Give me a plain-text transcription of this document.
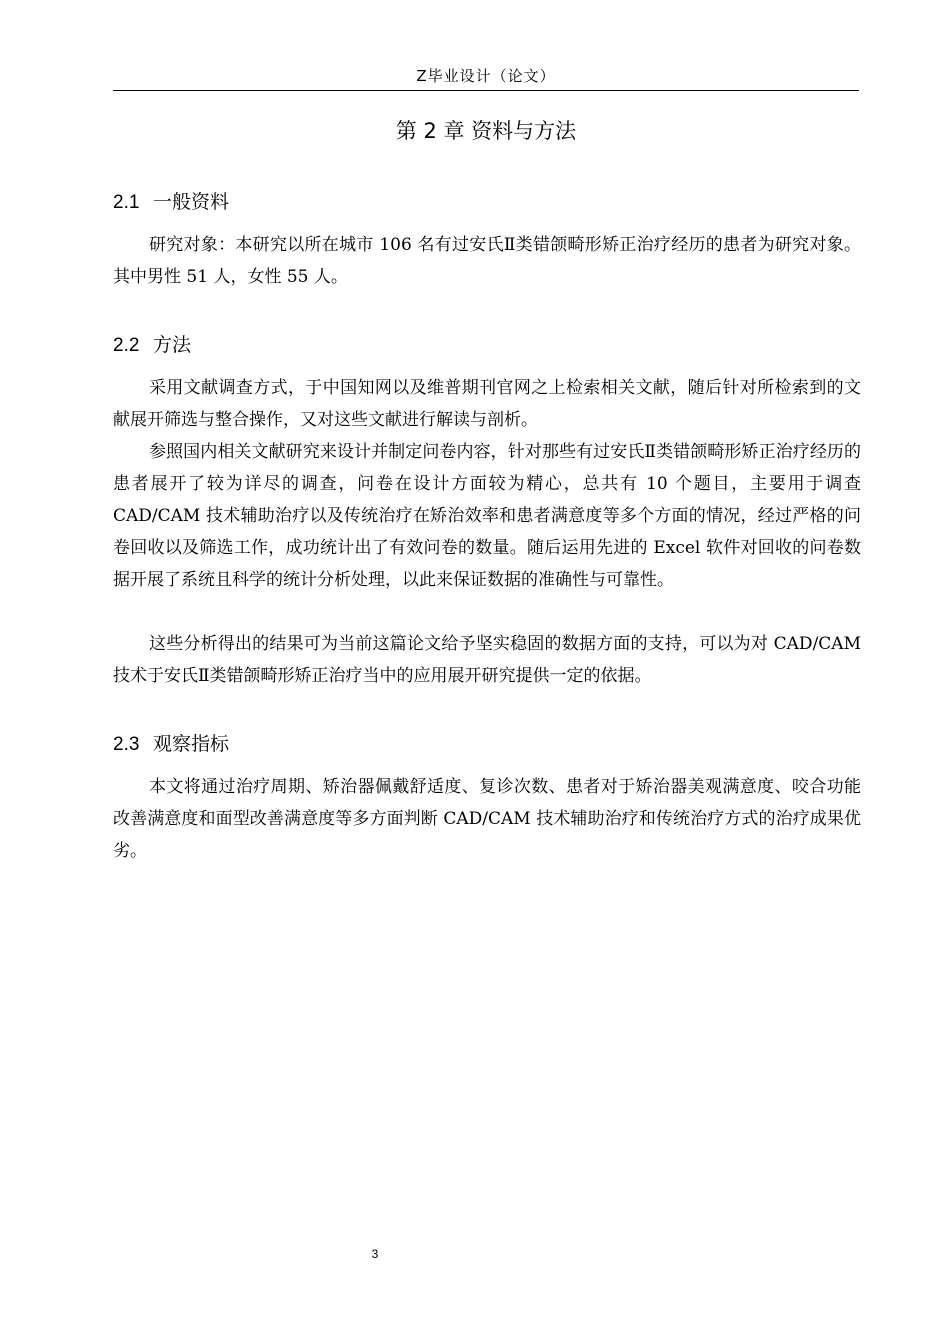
Z毕业设计（论文）
第 2 章 资料与方法
2.1 一般资料
研究对象：本研究以所在城市 106 名有过安氏Ⅱ类错颌畸形矫正治疗经历的患者为研究对象。其中男性 51 人，女性 55 人。
2.2 方法
采用文献调查方式，于中国知网以及维普期刊官网之上检索相关文献，随后针对所检索到的文献展开筛选与整合操作，又对这些文献进行解读与剖析。
参照国内相关文献研究来设计并制定问卷内容，针对那些有过安氏Ⅱ类错颌畸形矫正治疗经历的患者展开了较为详尽的调查，问卷在设计方面较为精心，总共有 10 个题目，主要用于调查 CAD/CAM 技术辅助治疗以及传统治疗在矫治效率和患者满意度等多个方面的情况，经过严格的问卷回收以及筛选工作，成功统计出了有效问卷的数量。随后运用先进的 Excel 软件对回收的问卷数据开展了系统且科学的统计分析处理，以此来保证数据的准确性与可靠性。
这些分析得出的结果可为当前这篇论文给予坚实稳固的数据方面的支持，可以为对 CAD/CAM 技术于安氏Ⅱ类错颌畸形矫正治疗当中的应用展开研究提供一定的依据。
2.3 观察指标
本文将通过治疗周期、矫治器佩戴舒适度、复诊次数、患者对于矫治器美观满意度、咬合功能改善满意度和面型改善满意度等多方面判断 CAD/CAM 技术辅助治疗和传统治疗方式的治疗成果优劣。
3
